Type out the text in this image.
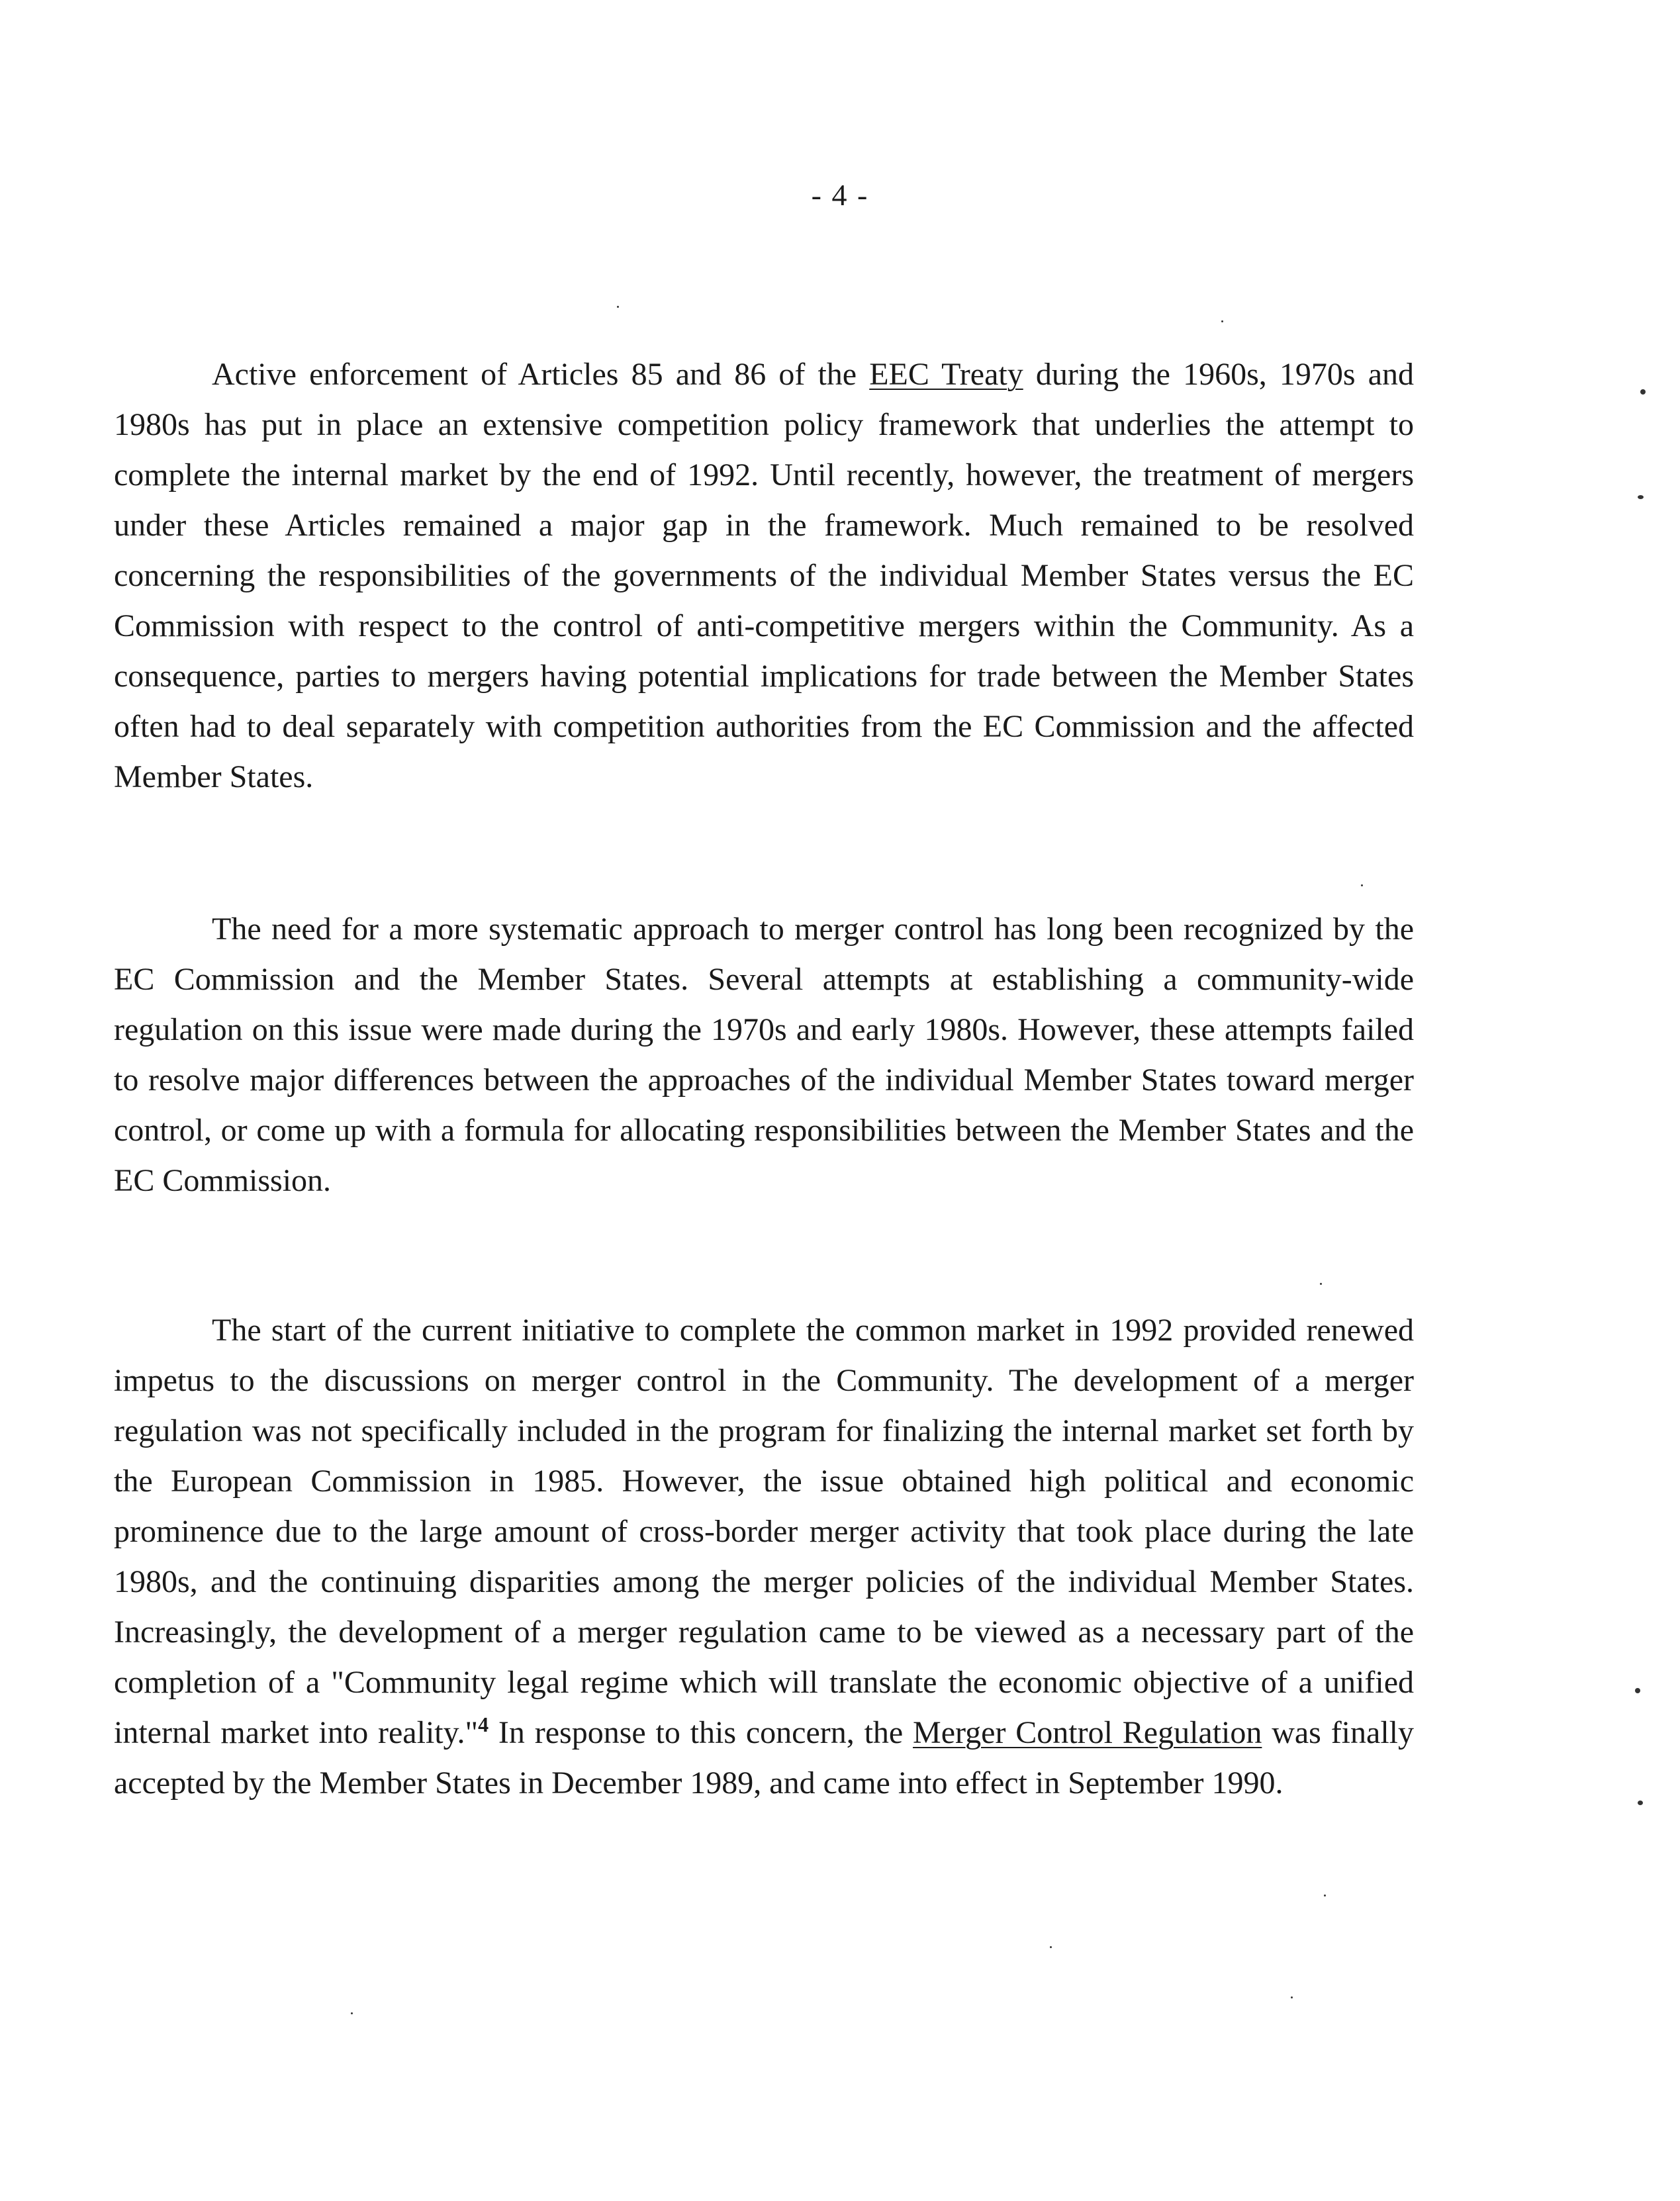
- 4 -

Active enforcement of Articles 85 and 86 of the EEC Treaty during the 1960s, 1970s and 1980s has put in place an extensive competition policy framework that underlies the attempt to complete the internal market by the end of 1992. Until recently, however, the treatment of mergers under these Articles remained a major gap in the framework. Much remained to be resolved concerning the responsibilities of the governments of the individual Member States versus the EC Commission with respect to the control of anti-competitive mergers within the Community. As a consequence, parties to mergers having potential implications for trade between the Member States often had to deal separately with competition authorities from the EC Commission and the affected Member States.

The need for a more systematic approach to merger control has long been recognized by the EC Commission and the Member States. Several attempts at establishing a community-wide regulation on this issue were made during the 1970s and early 1980s. However, these attempts failed to resolve major differences between the approaches of the individual Member States toward merger control, or come up with a formula for allocating responsibilities between the Member States and the EC Commission.

The start of the current initiative to complete the common market in 1992 provided renewed impetus to the discussions on merger control in the Community. The development of a merger regulation was not specifically included in the program for finalizing the internal market set forth by the European Commission in 1985. However, the issue obtained high political and economic prominence due to the large amount of cross-border merger activity that took place during the late 1980s, and the continuing disparities among the merger policies of the individual Member States. Increasingly, the development of a merger regulation came to be viewed as a necessary part of the completion of a "Community legal regime which will translate the economic objective of a unified internal market into reality."$^4$ In response to this concern, the Merger Control Regulation was finally accepted by the Member States in December 1989, and came into effect in September 1990.
